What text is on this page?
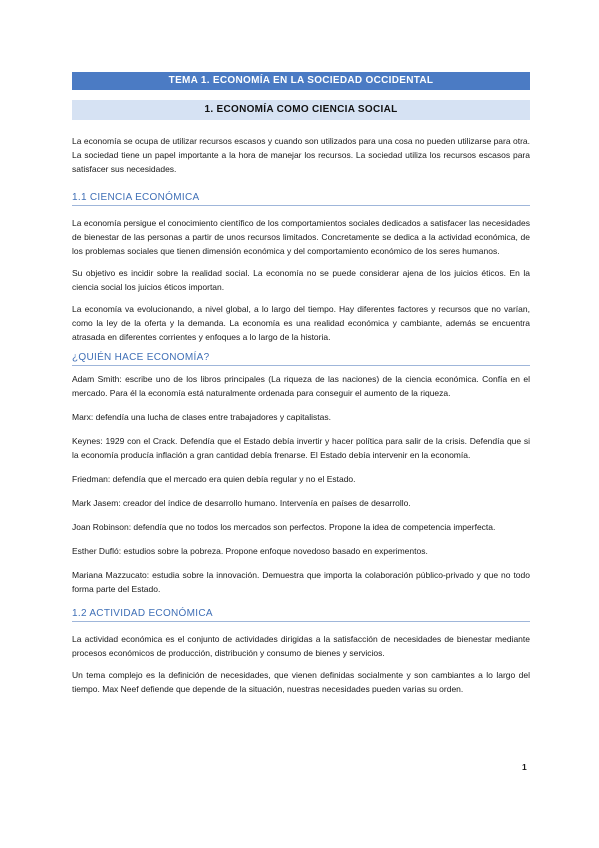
TEMA 1. ECONOMÍA EN LA SOCIEDAD OCCIDENTAL
1. ECONOMÍA COMO CIENCIA SOCIAL

La economía se ocupa de utilizar recursos escasos y cuando son utilizados para una cosa no pueden utilizarse para otra. La sociedad tiene un papel importante a la hora de manejar los recursos. La sociedad utiliza los recursos escasos para satisfacer sus necesidades.

1.1 CIENCIA ECONÓMICA

La economía persigue el conocimiento científico de los comportamientos sociales dedicados a satisfacer las necesidades de bienestar de las personas a partir de unos recursos limitados. Concretamente se dedica a la actividad económica, de los problemas sociales que tienen dimensión económica y del comportamiento económico de los seres humanos.

Su objetivo es incidir sobre la realidad social. La economía no se puede considerar ajena de los juicios éticos. En la ciencia social los juicios éticos importan.

La economía va evolucionando, a nivel global, a lo largo del tiempo. Hay diferentes factores y recursos que no varían, como la ley de la oferta y la demanda. La economía es una realidad económica y cambiante, además se encuentra atrasada en diferentes corrientes y enfoques a lo largo de la historia.

¿QUIÉN HACE ECONOMÍA?

Adam Smith: escribe uno de los libros principales (La riqueza de las naciones) de la ciencia económica. Confía en el mercado. Para él la economía está naturalmente ordenada para conseguir el aumento de la riqueza.

Marx: defendía una lucha de clases entre trabajadores y capitalistas.

Keynes: 1929 con el Crack. Defendía que el Estado debía invertir y hacer política para salir de la crisis. Defendía que si la economía producía inflación a gran cantidad debía frenarse. El Estado debía intervenir en la economía.

Friedman: defendía que el mercado era quien debía regular y no el Estado.

Mark Jasem: creador del índice de desarrollo humano. Intervenía en países de desarrollo.

Joan Robinson: defendía que no todos los mercados son perfectos. Propone la idea de competencia imperfecta.

Esther Dufló: estudios sobre la pobreza. Propone enfoque novedoso basado en experimentos.

Mariana Mazzucato: estudia sobre la innovación. Demuestra que importa la colaboración público-privado y que no todo forma parte del Estado.

1.2 ACTIVIDAD ECONÓMICA

La actividad económica es el conjunto de actividades dirigidas a la satisfacción de necesidades de bienestar mediante procesos económicos de producción, distribución y consumo de bienes y servicios.

Un tema complejo es la definición de necesidades, que vienen definidas socialmente y son cambiantes a lo largo del tiempo. Max Neef defiende que depende de la situación, nuestras necesidades pueden varias su orden.

1
